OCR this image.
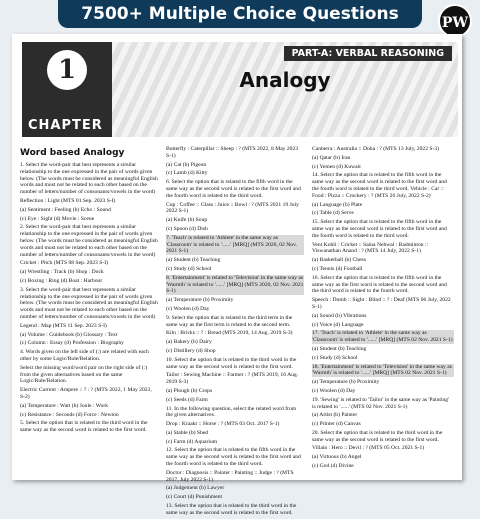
7500+ Multiple Choice Questions	PW
1
CHAPTER
PART-A: VERBAL REASONING
Analogy
Word based Analogy
1. Select the word-pair that best represents a similar relationship to the one expressed in the pair of words given below. (The words must be considered as meaningful English words and must not be related to each other based on the number of letters/number of consonants/vowels in the word)
Reflection : Light (MTS 01 Sep. 2023 S-I)
(a) Sentiment : Feeling (b) Echo : Sound
(c) Eye : Sight (d) Movie : Scene
2. Select the word-pair that best represents a similar relationship to the one expressed in the pair of words given below. (The words must be considered as meaningful English words and must not be related to each other based on the number of letters/number of consonants/vowels in the word)
Cricket : Pitch (MTS 08 Sep. 2023 S-I)
(a) Wrestling : Track (b) Shop : Dock
(c) Boxing : Ring (d) Boat : Harbour
3. Select the word-pair that best represents a similar relationship to the one expressed in the pair of words given below. (The words must be considered as meaningful English words and must not be related to each other based on the number of letters/number of consonants/vowels in the word)
Legend : Map (MTS 11 Sep. 2023 S-I)
(a) Volume : Guidebook (b) Glossary : Text
(c) Column : Essay (d) Profession : Biography
4. Words given on the left side of (:) are related with each other by some Logic/Rule/Relation.
Select the missing word/word pair on the right side of (:) from the given alternatives based on the same Logic/Rule/Relation.
Electric Current : Ampere :: ? : ? (MTS 2022, 1 May 2023, S-2)
(a) Temperature : Watt (b) Joule : Work
(c) Resistance : Seconds (d) Force : Newton
5. Select the option that is related to the third word in the same way as the second word is related to the first word.
Butterfly : Caterpillar :: Sheep : ? (MTS 2022, 8 May 2023 S-1)
(a) Cat (b) Pigeon
(c) Lamb (d) Kitty
6. Select the option that is related to the fifth word in the same way as the second word is related to the first word and the fourth word is related to the third word.
Cup : Coffee :: Glass : Juice :: Bowl : ? (MTS 2021 19 July 2022 S-1)
(a) Knife (b) Soup
(c) Spoon (d) Dish
7. 'Teach' is related to 'Athlete' in the same way as 'Classroom' is related to '......' [MRQ] (MTS 2020, 02 Nov. 2021 S-1)
(a) Student (b) Teaching
(c) Study (d) School
8. 'Entertainment' is related to 'Television' in the same way as 'Warmth' is related to '......' [MRQ] (MTS 2020, 02 Nov. 2021 S-1)
(a) Temperature (b) Proximity
(c) Woolen (d) Day
9. Select the option that is related to the third term in the same way as the first term is related to the second term.
Kiln : Bricks :: ? : Bread (MTS 2019, 14 Aug. 2019 S-3)
(a) Bakery (b) Dairy
(c) Distillery (d) Shop
10. Select the option that is related to the third word in the same way as the second word is related to the first word.
Tailor : Sewing Machine :: Farmer : ? (MTS 2019, 16 Aug. 2019 S-3)
(a) Plough (b) Crops
(c) Seeds (d) Farm
11. In the following question, select the related word from the given alternatives.
Drop : Kraakt :: Horse : ? (MTS 03 Oct. 2017 S-1)
(a) Stable (b) Shed
(c) Farm (d) Aquarium
12. Select the option that is related to the fifth word in the same way as the second word is related to the first word and the fourth word is related to the third word.
Doctor : Diagnosis :: Painter : Painting :: Judge : ? (MTS 2017, July 2022 S-1)
(a) Judgement (b) Lawyer
(c) Court (d) Punishment
13. Select the option that is related to the third word in the same way as the second word is related to the first word.
Canberra : Australia :: Doha : ? (MTS 13 July, 2022 S-3)
(a) Qatar (b) Iran
(c) Yemen (d) Kuwait
14. Select the option that is related to the fifth word in the same way as the second word is related to the first word and the fourth word is related to the third word. Vehicle : Car :: Food : Pizza :: Crockery : ? (MTS 26 July, 2022 S-2)
(a) Language (b) Plate
(c) Table (d) Serve
15. Select the option that is related to the fifth word in the same way as the second word is related to the first word and the fourth word is related to the third word.
Vent Kohli : Cricket :: Saina Nehwal : Badminton :: Viswanathan Anand : ? (MTS 14 July, 2022 S-1)
(a) Basketball (b) Chess
(c) Tennis (d) Football
16. Select the option that is related to the fifth word in the same way as the first word is related to the second word and the third word is related to the fourth word.
Speech : Dumb :: Sight : Blind :: ? : Deaf (MTS 06 July, 2022 S-1)
(a) Sound (b) Vibrations
(c) Voice (d) Language
17. 'Teach' is related to 'Athlete' in the same way as 'Classroom' is related to '......' [MRQ] (MTS 02 Nov. 2021 S-1)
(a) Student (b) Teaching
(c) Study (d) School
18. 'Entertainment' is related to 'Television' in the same way as 'Warmth' is related to '......' [MRQ] (MTS 02 Nov. 2021 S-1)
(a) Temperature (b) Proximity
(c) Woolen (d) Day
19. 'Sewing' is related to 'Tailor' in the same way as 'Painting' is related to '......' (MTS 02 Nov. 2021 S-1)
(a) Artist (b) Painter
(c) Printer (d) Canvas
20. Select the option that is related to the third word in the same way as the second word is related to the first word.
Villain : Hero :: Devil : ? (MTS 05 Oct. 2021 S-1)
(a) Virtuous (b) Angel
(c) God (d) Divine
